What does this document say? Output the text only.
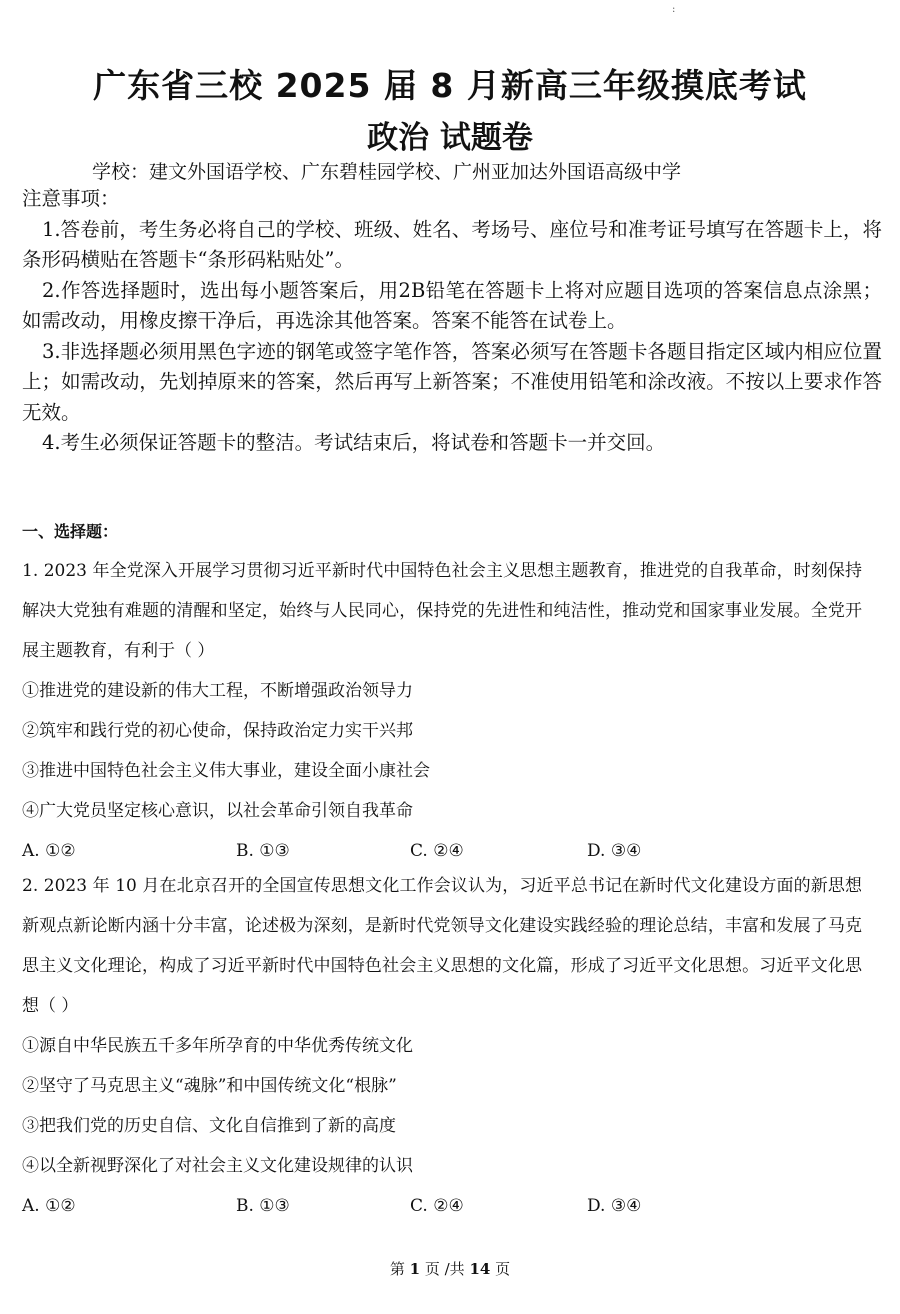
:
广东省三校 2025 届 8 月新高三年级摸底考试
政治 试题卷
学校：建文外国语学校、广东碧桂园学校、广州亚加达外国语高级中学
注意事项：
1.答卷前，考生务必将自己的学校、班级、姓名、考场号、座位号和准考证号填写在答题卡上，将条形码横贴在答题卡“条形码粘贴处”。
2.作答选择题时，选出每小题答案后，用2B铅笔在答题卡上将对应题目选项的答案信息点涂黑；如需改动，用橡皮擦干净后，再选涂其他答案。答案不能答在试卷上。
3.非选择题必须用黑色字迹的钢笔或签字笔作答，答案必须写在答题卡各题目指定区域内相应位置上；如需改动，先划掉原来的答案，然后再写上新答案；不准使用铅笔和涂改液。不按以上要求作答无效。
4.考生必须保证答题卡的整洁。考试结束后，将试卷和答题卡一并交回。
一、选择题：
1. 2023 年全党深入开展学习贯彻习近平新时代中国特色社会主义思想主题教育，推进党的自我革命，时刻保持解决大党独有难题的清醒和坚定，始终与人民同心，保持党的先进性和纯洁性，推动党和国家事业发展。全党开展主题教育，有利于（ ）
①推进党的建设新的伟大工程，不断增强政治领导力
②筑牢和践行党的初心使命，保持政治定力实干兴邦
③推进中国特色社会主义伟大事业，建设全面小康社会
④广大党员坚定核心意识，以社会革命引领自我革命
A. ①②	B. ①③	C. ②④	D. ③④
2. 2023 年 10 月在北京召开的全国宣传思想文化工作会议认为，习近平总书记在新时代文化建设方面的新思想新观点新论断内涵十分丰富，论述极为深刻，是新时代党领导文化建设实践经验的理论总结，丰富和发展了马克思主义文化理论，构成了习近平新时代中国特色社会主义思想的文化篇，形成了习近平文化思想。习近平文化思想（ ）
①源自中华民族五千多年所孕育的中华优秀传统文化
②坚守了马克思主义“魂脉”和中国传统文化“根脉”
③把我们党的历史自信、文化自信推到了新的高度
④以全新视野深化了对社会主义文化建设规律的认识
A. ①②	B. ①③	C. ②④	D. ③④
第 1 页 /共 14 页
